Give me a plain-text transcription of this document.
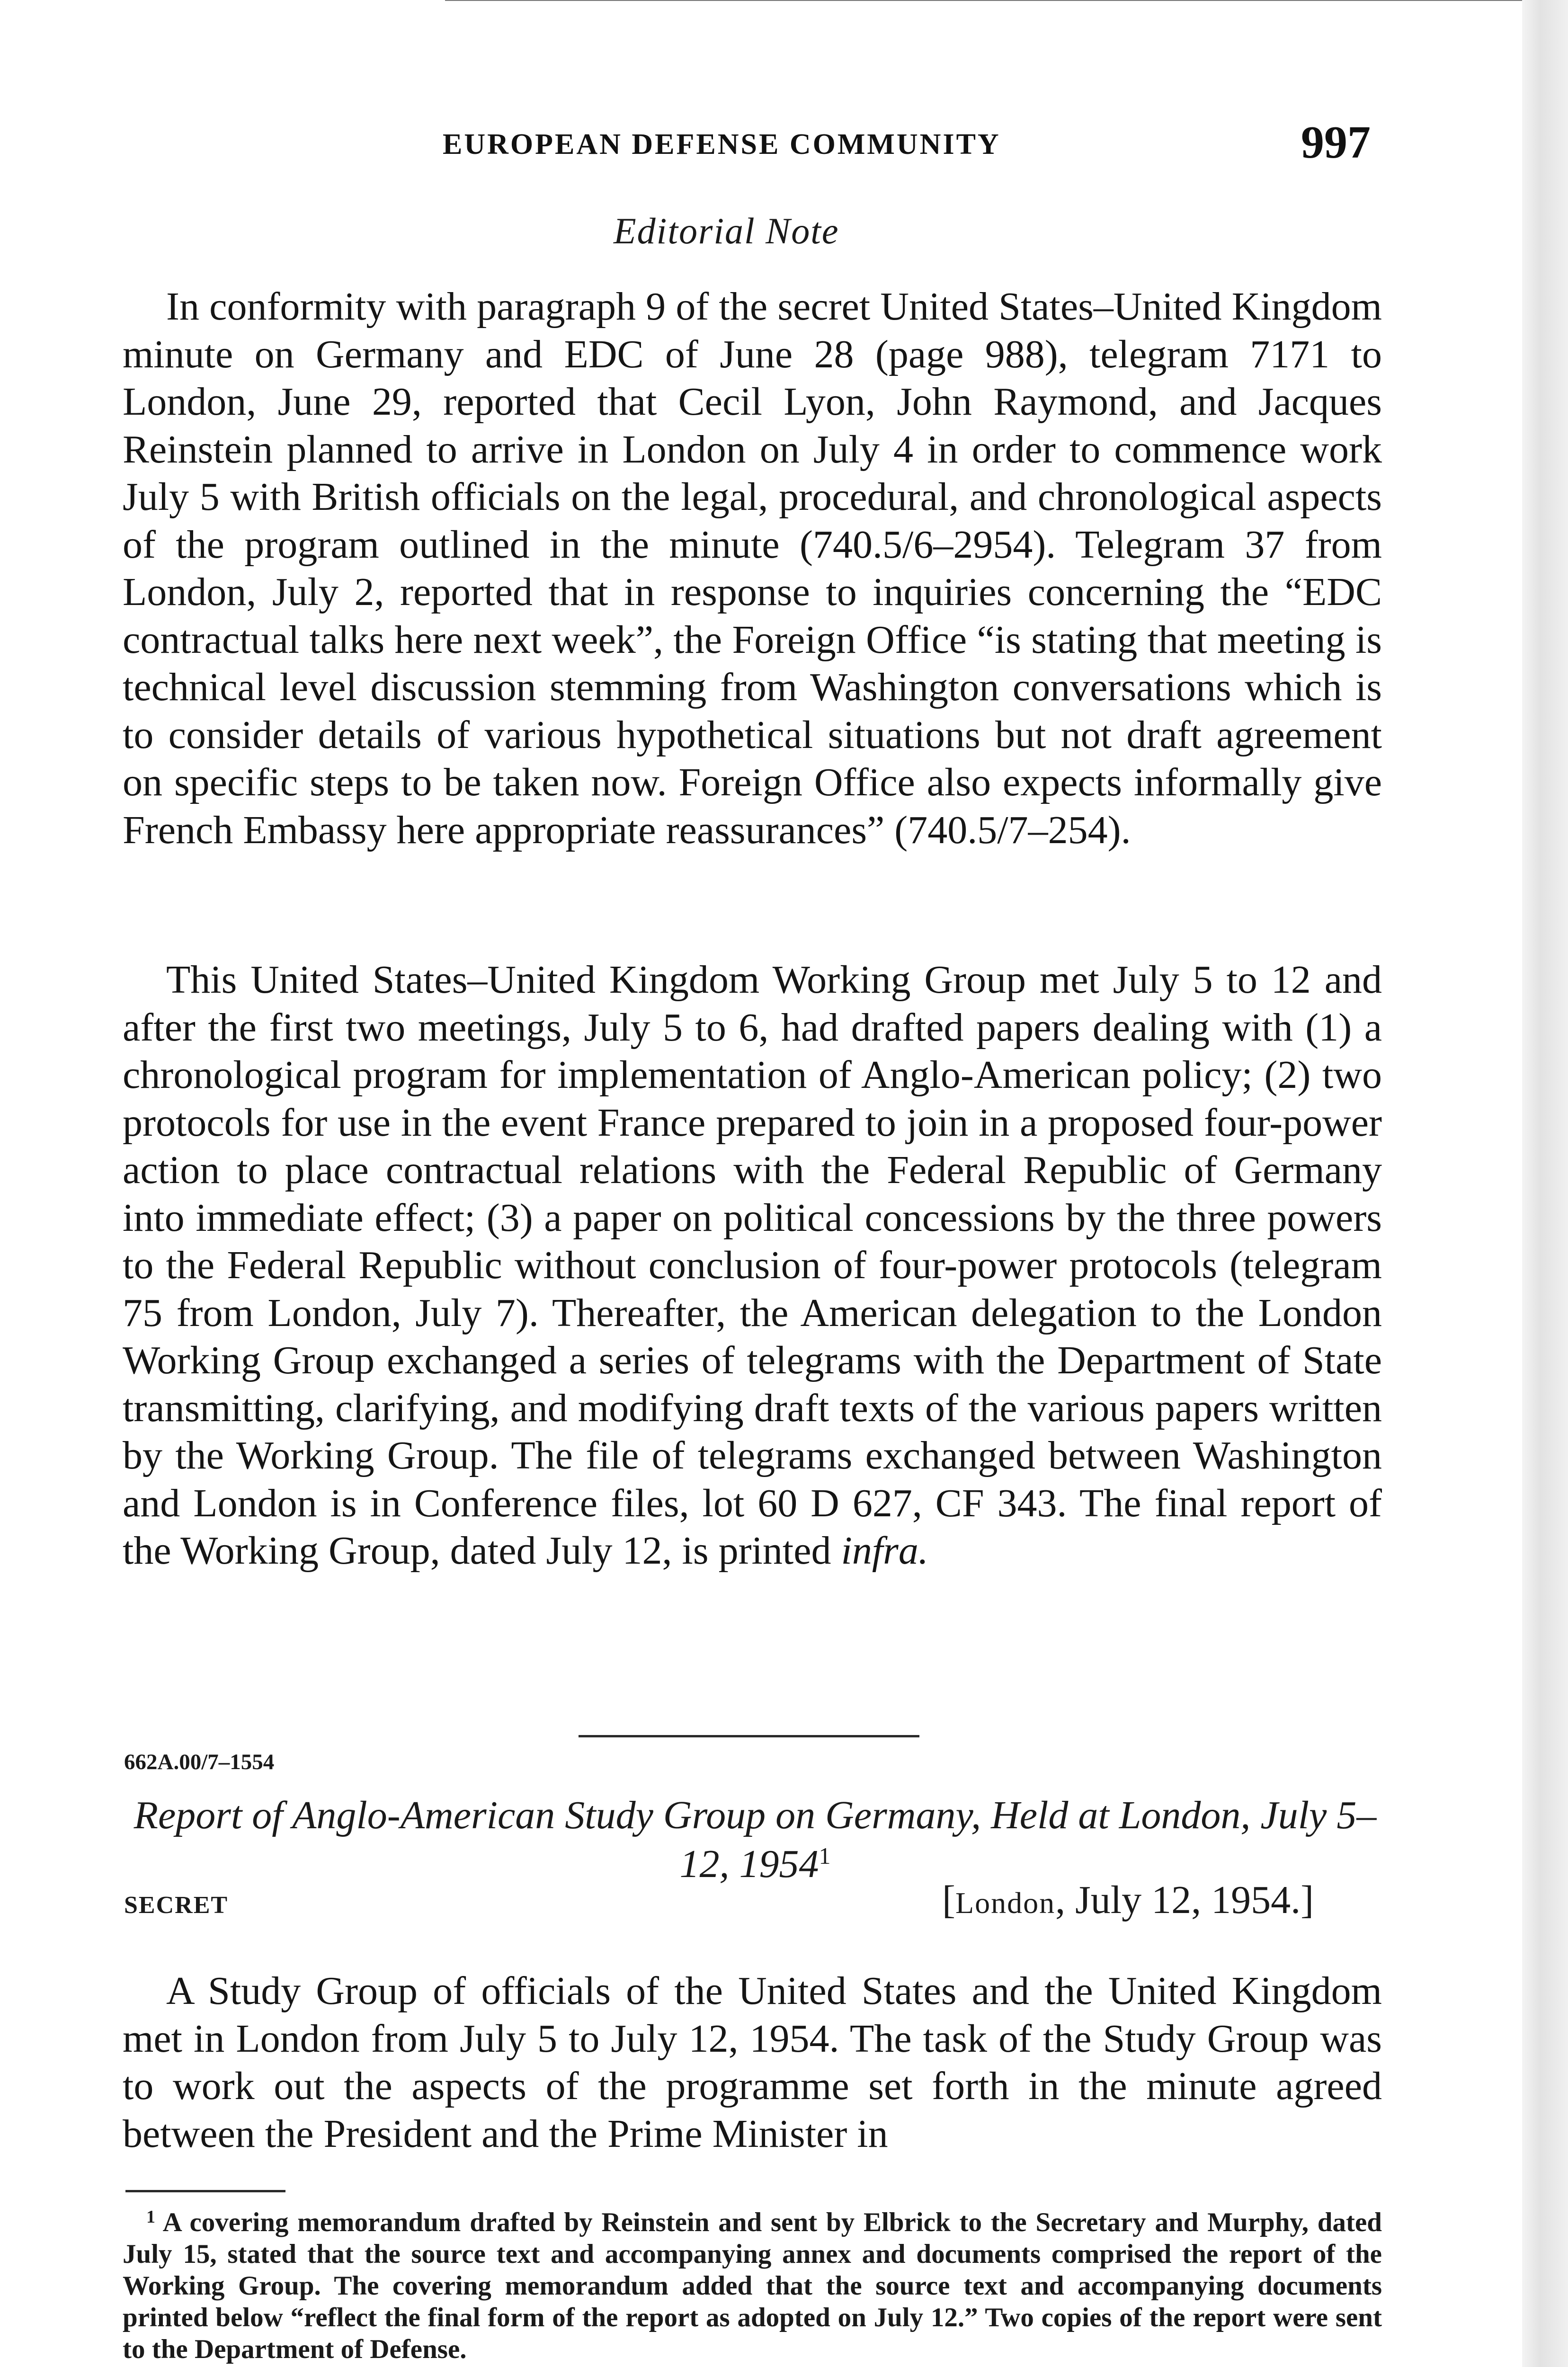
EUROPEAN DEFENSE COMMUNITY	997
Editorial Note

In conformity with paragraph 9 of the secret United States–United Kingdom minute on Germany and EDC of June 28 (page 988), telegram 7171 to London, June 29, reported that Cecil Lyon, John Raymond, and Jacques Reinstein planned to arrive in London on July 4 in order to commence work July 5 with British officials on the legal, procedural, and chronological aspects of the program outlined in the minute (740.5/6–2954). Telegram 37 from London, July 2, reported that in response to inquiries concerning the “EDC contractual talks here next week”, the Foreign Office “is stating that meeting is technical level discussion stemming from Washington conversations which is to consider details of various hypothetical situations but not draft agreement on specific steps to be taken now. Foreign Office also expects informally give French Embassy here appropriate reassurances” (740.5/7–254).

This United States–United Kingdom Working Group met July 5 to 12 and after the first two meetings, July 5 to 6, had drafted papers dealing with (1) a chronological program for implementation of Anglo-American policy; (2) two protocols for use in the event France prepared to join in a proposed four-power action to place contractual relations with the Federal Republic of Germany into immediate effect; (3) a paper on political concessions by the three powers to the Federal Republic without conclusion of four-power protocols (telegram 75 from London, July 7). Thereafter, the American delegation to the London Working Group exchanged a series of telegrams with the Department of State transmitting, clarifying, and modifying draft texts of the various papers written by the Working Group. The file of telegrams exchanged between Washington and London is in Conference files, lot 60 D 627, CF 343. The final report of the Working Group, dated July 12, is printed infra.

662A.00/7–1554
Report of Anglo-American Study Group on Germany, Held at London, July 5–12, 1954$^1$
SECRET	[London, July 12, 1954.]

A Study Group of officials of the United States and the United Kingdom met in London from July 5 to July 12, 1954. The task of the Study Group was to work out the aspects of the programme set forth in the minute agreed between the President and the Prime Minister in

$^1$ A covering memorandum drafted by Reinstein and sent by Elbrick to the Secretary and Murphy, dated July 15, stated that the source text and accompanying annex and documents comprised the report of the Working Group. The covering memorandum added that the source text and accompanying documents printed below “reflect the final form of the report as adopted on July 12.” Two copies of the report were sent to the Department of Defense.
